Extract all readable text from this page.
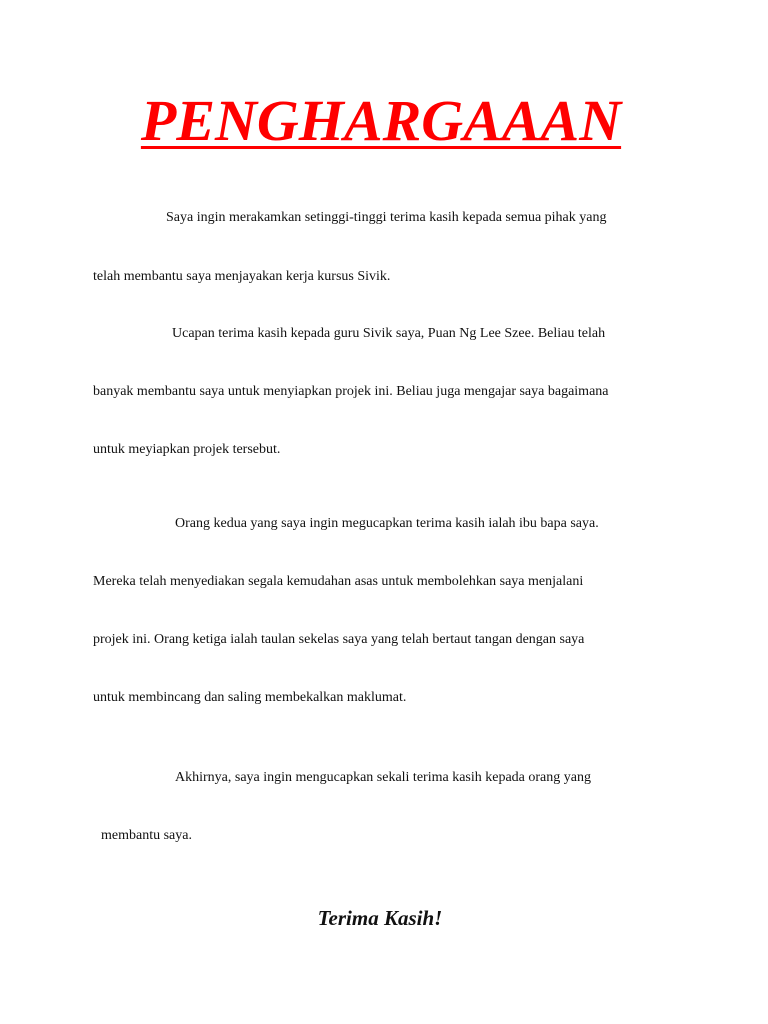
PENGHARGAAAN

Saya ingin merakamkan setinggi-tinggi terima kasih kepada semua pihak yang

telah membantu saya menjayakan kerja kursus Sivik.

Ucapan terima kasih kepada guru Sivik saya, Puan Ng Lee Szee. Beliau telah

banyak membantu saya untuk menyiapkan projek ini. Beliau juga mengajar saya bagaimana

untuk meyiapkan projek tersebut.

Orang kedua yang saya ingin megucapkan terima kasih ialah ibu bapa saya.

Mereka telah menyediakan segala kemudahan asas untuk membolehkan saya menjalani

projek ini. Orang ketiga ialah taulan sekelas saya yang telah bertaut tangan dengan saya

untuk membincang dan saling membekalkan maklumat.

Akhirnya, saya ingin mengucapkan sekali terima kasih kepada orang yang

membantu saya.

Terima Kasih!
